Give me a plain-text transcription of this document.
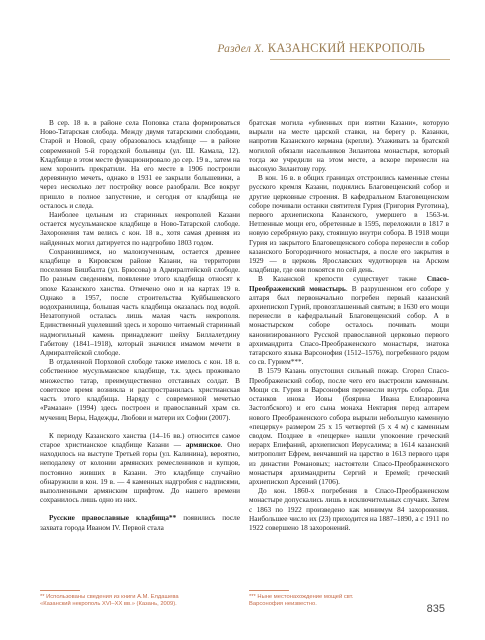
Раздел X. КАЗАНСКИЙ НЕКРОПОЛЬ

В сер. 18 в. в районе села Поповка стала формироваться Ново-Татарская слобода. Между двумя татарскими слободами, Старой и Новой, сразу образовалось кладбище — в районе современной 5-й городской больницы (ул. Ш. Камала, 12). Кладбище в этом месте функционировало до сер. 19 в., затем на нем хоронить прекратили. На его месте в 1906 построили деревянную мечеть, однако в 1931 ее закрыли большевики, а через несколько лет постройку вовсе разобрали. Все вокруг пришло в полное запустение, и сегодня от кладбища не осталось и следа.

Наиболее цельным из старинных некрополей Казани остается мусульманское кладбище в Ново-Татарской слободе. Захоронения там велись с кон. 18 в., хотя самая древняя из найденных могил датируется по надгробию 1803 годом.

Сохранившимся, но малоизученным, остается древнее кладбище в Кировском районе Казани, на территории поселения Бишбалта (ул. Брюсова) в Адмиралтейской слободе. По разным сведениям, появление этого кладбища относят к эпохе Казанского ханства. Отмечено оно и на картах 19 в. Однако в 1957, после строительства Куйбышевского водохранилища, большая часть кладбища оказалась под водой. Незатопуной осталась лишь малая часть некрополя. Единственный уцелевший здесь и хорошо читаемый старинный надмогильный камень принадлежит шейху Биллалетдину Габитову (1841–1918), который значился имамом мечети в Адмиралтейской слободе.

В отдаленной Порховой слободе также имелось с кон. 18 в. собственное мусульманское кладбище, т.к. здесь проживало множество татар, преимущественно отставных солдат. В советское время возникла и распространилась христианская часть этого кладбища. Наряду с современной мечетью «Рамазан» (1994) здесь построен и православный храм св. мучениц Веры, Надежды, Любови и матери их Софии (2007).

К периоду Казанского ханства (14–16 вв.) относится самое старое христианское кладбище Казани — армянское. Оно находилось на выступе Третьей горы (ул. Калинина), вероятно, неподалеку от колонии армянских ремесленников и купцов, постоянно живших в Казани. Это кладбище случайно обнаружили в кон. 19 в. — 4 каменных надгробия с надписями, выполненными армянским шрифтом. До нашего времени сохранилось лишь одно из них.

Русские православные кладбища** появились после захвата города Иваном IV. Первой стала

братская могила «убиенных при взятии Казани», которую вырыли на месте царской ставки, на берегу р. Казанки, напротив Казанского кермана (крепли). Ухаживать за братской могилой обязали насельников Зилантова монастыря, который тогда же учредили на этом месте, а вскоре перенесли на высокую Зилантову гору.

В кон. 16 в. в общих границах отстроились каменные стены русского кремля Казани, поднялись Благовещенский собор и другие церковные строения. В кафедральном Благовещенском соборе почивали останки святителя Гурия (Григория Руготина), первого архиепископа Казанского, умершего в 1563-м. Нетленные мощи его, обретенные в 1595, переложили в 1817 в новую серебряную раку, стоявшую внутри собора. В 1918 мощи Гурия из закрытого Благовещенского собора перенесли в собор казанского Богородичного монастыря, а после его закрытия в 1929 — в церковь Ярославских чудотворцев на Арском кладбище, где они покоятся по сей день.

В Казанской крепости существует также Спасо-Преображенский монастырь. В разрушенном его соборе у алтаря был первоначально погребен первый казанский архиепископ Гурий, провозглашенный святым; в 1630 его мощи перенесли в кафедральный Благовещенский собор. А в монастырском соборе осталось почивать мощи канонизированного Русской православной церковью первого архимандрита Спасо-Преображенского монастыря, знатока татарского языка Варсонофия (1512–1576), погребенного рядом со св. Гурием***.

В 1579 Казань опустошил сильный пожар. Сгорел Спасо-Преображенский собор, после чего его выстроили каменным. Мощи св. Гурия и Варсонофия перенесли внутрь собора. Для останков инока Иовы (боярина Ивана Елизаровича Застолбского) и его сына монаха Нектария перед алтарем нового Преображенского собора вырыли небольшую каменную «пещерку» размером 25 х 15 четвертей (5 х 4 м) с каменным сводом. Позднее в «пещерке» нашли упокоение греческий иерарх Епифаний, архиепископ Иерусалима; в 1614 казанский митрополит Ефрем, венчавший на царство в 1613 первого царя из династии Романовых; настоятели Спасо-Преображенского монастыря архимандриты Сергий и Еремей; греческий архиепископ Арсений (1706).

До кон. 1860-х погребения в Спасо-Преображенском монастыре допускались лишь в исключительных случаях. Затем с 1863 по 1922 произведено как минимум 84 захоронения. Наибольшее число их (23) приходится на 1887–1890, а с 1911 по 1922 совершено 18 захоронений.

** Использованы сведения из книги А.М. Елдашева «Казанский некрополь XVI–XX вв.» (Казань, 2009).
*** Ныне местонахождение мощей свт. Варсонофия неизвестно.	835
